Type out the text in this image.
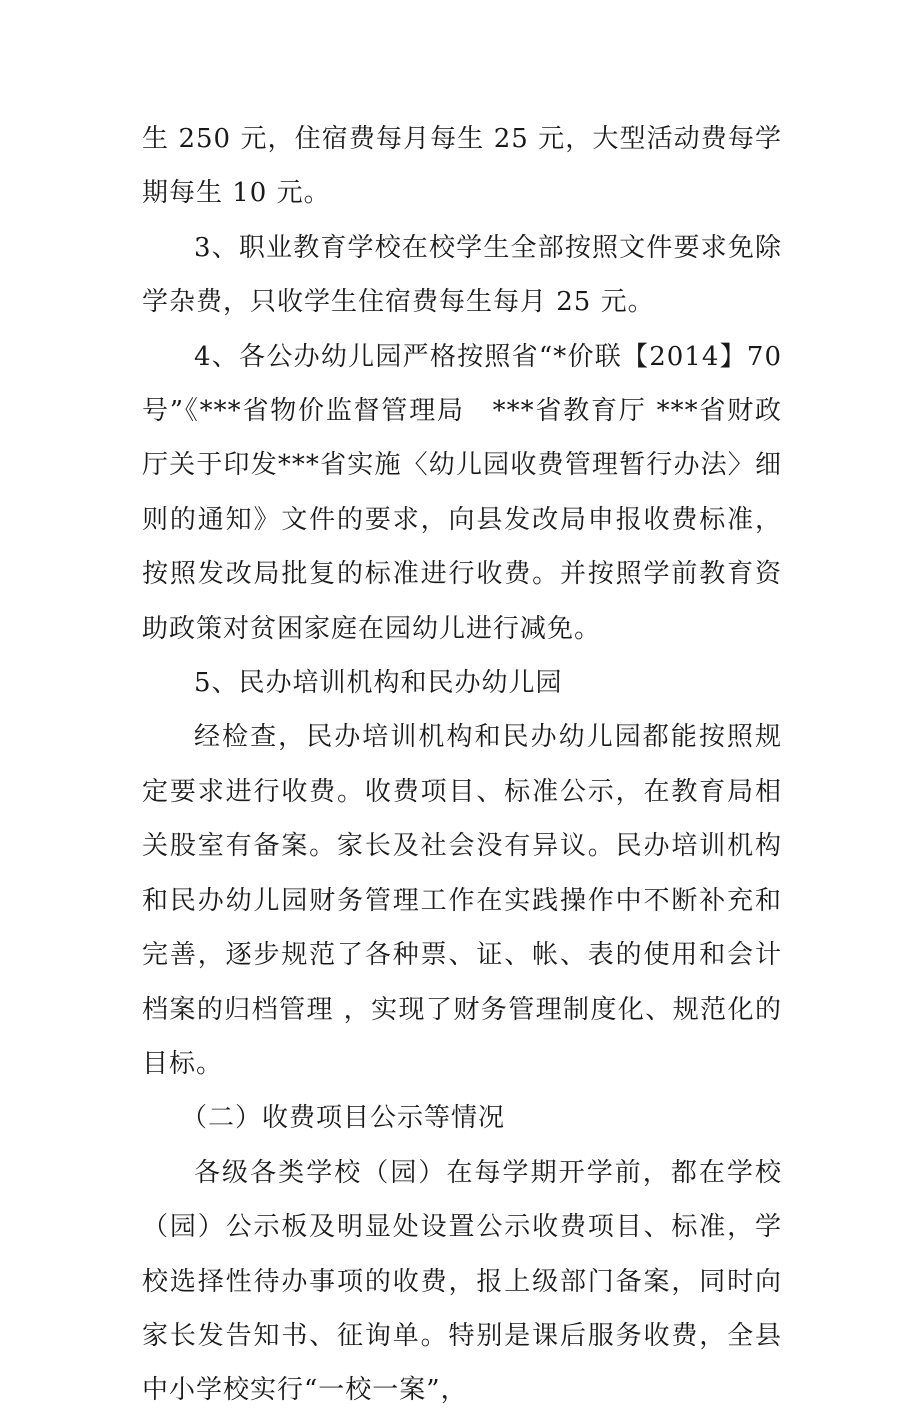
生 250 元，住宿费每月每生 25 元，大型活动费每学期每生 10 元。

3、职业教育学校在校学生全部按照文件要求免除学杂费，只收学生住宿费每生每月 25 元。

4、各公办幼儿园严格按照省“*价联【2014】70 号”《***省物价监督管理局　***省教育厅 ***省财政厅关于印发***省实施〈幼儿园收费管理暂行办法〉细则的通知》文件的要求，向县发改局申报收费标准，按照发改局批复的标准进行收费。并按照学前教育资助政策对贫困家庭在园幼儿进行减免。

5、民办培训机构和民办幼儿园

经检查，民办培训机构和民办幼儿园都能按照规定要求进行收费。收费项目、标准公示，在教育局相关股室有备案。家长及社会没有异议。民办培训机构和民办幼儿园财务管理工作在实践操作中不断补充和完善，逐步规范了各种票、证、帐、表的使用和会计档案的归档管理 ，实现了财务管理制度化、规范化的目标。

（二）收费项目公示等情况

各级各类学校（园）在每学期开学前，都在学校（园）公示板及明显处设置公示收费项目、标准，学校选择性待办事项的收费，报上级部门备案，同时向家长发告知书、征询单。特别是课后服务收费，全县中小学校实行“一校一案”，
